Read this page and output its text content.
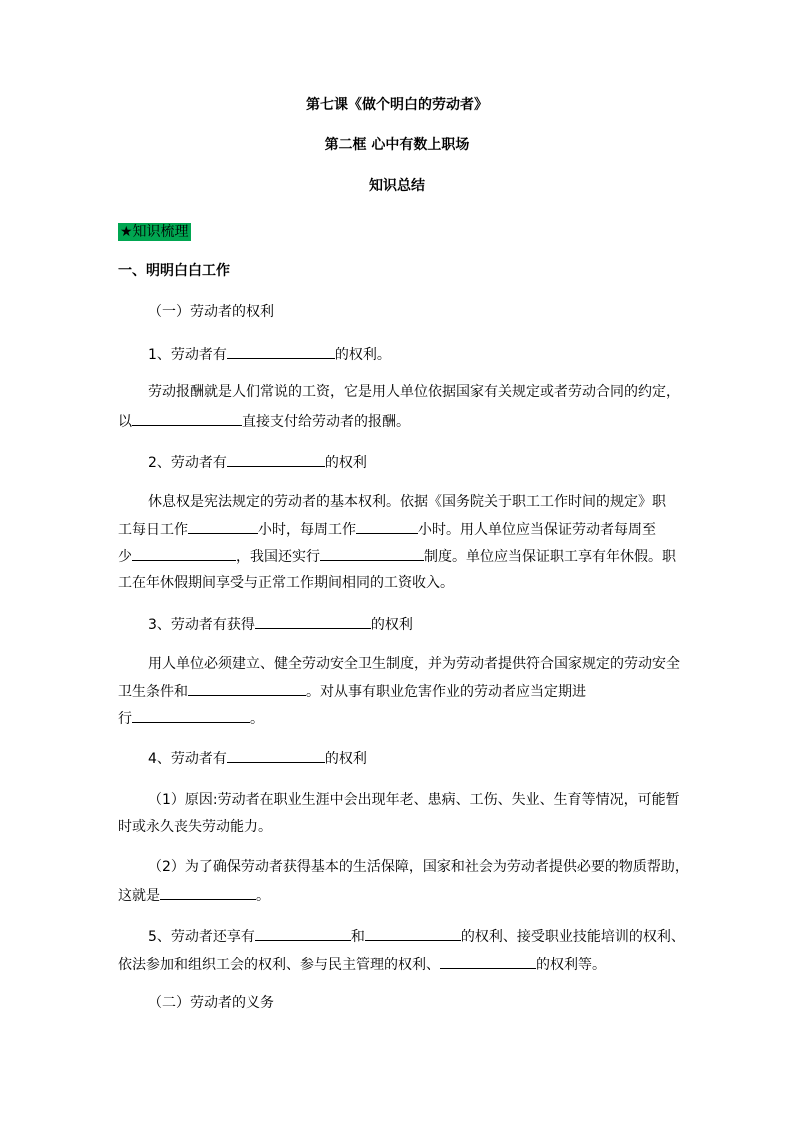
第七课《做个明白的劳动者》
第二框 心中有数上职场
知识总结
★知识梳理
一、明明白白工作
（一）劳动者的权利
1、劳动者有	的权利。
劳动报酬就是人们常说的工资，它是用人单位依据国家有关规定或者劳动合同的约定，
以	直接支付给劳动者的报酬。
2、劳动者有	的权利
休息权是宪法规定的劳动者的基本权利。依据《国务院关于职工工作时间的规定》职
工每日工作	小时，每周工作	小时。用人单位应当保证劳动者每周至
少	，我国还实行	制度。单位应当保证职工享有年休假。职
工在年休假期间享受与正常工作期间相同的工资收入。
3、劳动者有获得	的权利
用人单位必须建立、健全劳动安全卫生制度，并为劳动者提供符合国家规定的劳动安全
卫生条件和	。对从事有职业危害作业的劳动者应当定期进
行	。
4、劳动者有	的权利
（1）原因:劳动者在职业生涯中会出现年老、患病、工伤、失业、生育等情况，可能暂
时或永久丧失劳动能力。
（2）为了确保劳动者获得基本的生活保障，国家和社会为劳动者提供必要的物质帮助，
这就是	。
5、劳动者还享有	和	的权利、接受职业技能培训的权利、
依法参加和组织工会的权利、参与民主管理的权利、	的权利等。
（二）劳动者的义务
